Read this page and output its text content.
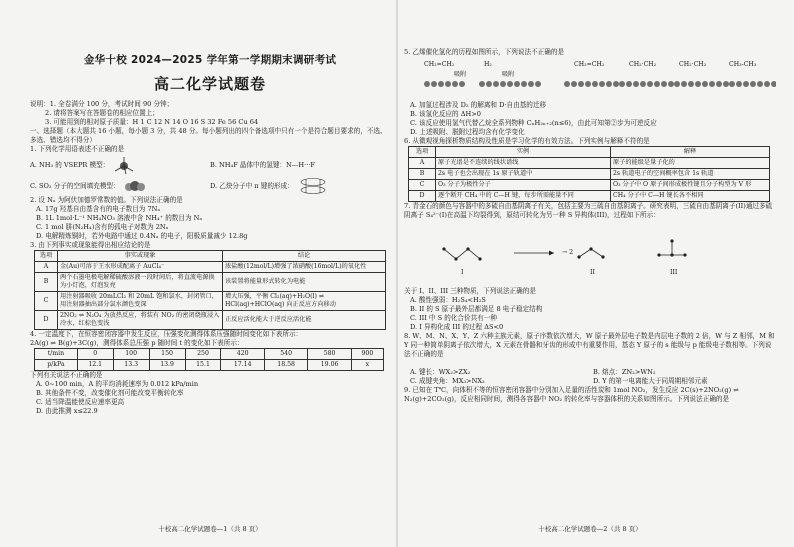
金华十校 2024—2025 学年第一学期期末调研考试
高二化学试题卷
说明：1. 全卷满分 100 分，考试时间 90 分钟；
2. 请将答案写在答题卷的相应位置上；
3. 可能用到的相对原子质量：H 1 C 12 N 14 O 16 S 32 Fe 56 Cu 64
一、选择题（本大题共 16 小题，每小题 3 分，共 48 分。每小题列出的四个备选项中只有一个是符合题目要求的，不选、多选、错选均不得分）
1. 下列化学用语表述不正确的是
A. NH₃ 的 VSEPR 模型：	B. NH₄F 晶体中的氢键：N—H···F
C. SO₂ 分子的空间填充模型：	D. 乙炔分子中 π 键的形成：
2. 设 Nₐ 为阿伏加德罗常数的值。下列说法正确的是
A. 17g 羟基自由基含有的电子数目为 7Nₐ
B. 1L 1mol·L⁻¹ NH₄NO₃ 溶液中含 NH₄⁺ 的数目为 Nₐ
C. 1 mol 肼(N₂H₄)含有的孤电子对数为 2Nₐ
D. 电解精炼铜时，若外电路中通过 0.4Nₐ 的电子，阳极质量减少 12.8g
3. 由下列事实或现象能得出相应结论的是
选项	事实或现象	结论
A	金(Au)可溶于王水形成配离子 AuCl₄⁻	浓盐酸(12mol/L)增强了浓硝酸(16mol/L)的氧化性
B	两个石墨电极电解稀硫酸溶液一段时间后，将直流电源换为小灯泡，灯泡发亮	该装置将能量形式转化为电能
C	用注射器吸收 20mLCl₂ 和 20mL 饱和氯水，封闭管口，用注射器抽出部分氯水颜色变深	增大压强，平衡 Cl₂(aq)+H₂O(l) ⇌ HCl(aq)+HClO(aq) 向正反应方向移动
D	2NO₂ ⇌ N₂O₄ 为放热反应，将装有 NO₂ 的密闭烧瓶浸入冷水，红棕色变浅	正反应活化能大于逆反应活化能
4. 一定温度下，在恒容密闭容器中发生反应，压强变化测得体系压强随时间变化如下表所示：
2A(g) ⇌ B(g)+3C(g)，测得体系总压强 p 随时间 t 的变化如下表所示：
t/min	0	100	150	250	420	540	580	900
p/kPa	12.1	13.3	13.9	15.1	17.14	18.58	19.06	x
下列有关说法不正确的是
A. 0~100 min，A 的平均消耗速率为 0.012 kPa/min
B. 其他条件不变，改变催化剂可能改变平衡转化率
C. 适当降温能使反应速率更高
D. 由此推测 x≤22.9
十校高二化学试题卷—1（共 8 页）
5. 乙烯催化氢化的历程如图所示，下列说法不正确的是
CH₂=CH₂
吸附
H₂
吸附
CH₂=CH₂	CH₂·CH₂	CH₂·CH₂	CH₃-CH₃
A. 加氢过程涉及 D₂ 的解离和 D·自由基的迁移
B. 该氢化反应的 ΔH>0
C. 该反应使用氢气代替乙烷全系列物种 CₙH₂ₙ₊₂(n≤6)，由此可知第②步为可逆反应
D. 上述吸附、脱附过程均含有化学变化
6. 从微观视角探析物质结构及性质是学习化学的有效方法。下列实例与解释不符的是
选项	实例	解释
A	原子光谱是不连续的线状谱线	原子的能级是量子化的
B	2s 电子也会出现在 1s 原子轨道中	2s 轨道电子的空间概率包含 1s 轨道
C	O₃ 分子为极性分子	O₃ 分子中 O 原子间形成极性键且分子构型为 V 形
D	逐个断开 CH₄ 中的 C—H 键，每步所需能量不同	CH₄ 分子中 C—H 键长各不相同
7. 青金石的颜色与容器中的多硫自由基阴离子有关，包括主要为三硫自由基阴离子。研究表明，三硫自由基阴离子(II)通过多硫阴离子 S₄²⁻(I)在高温下均裂得到，原结可转化为另一种 S 异构体(III)，过程如下所示：
I	II	III
→ 2
关于 I、II、III 三种物质，下列说法正确的是
A. 酸性强弱：H₂S₄<H₂S
B. II 的 S 原子最外层都满足 8 电子稳定结构
C. III 中 S 的化合价共有一种
D. I 异构化成 III 的过程 ΔS<0
8. W、M、N、X、Y、Z 六种主族元素，原子序数依次增大，W 原子最外层电子数是内层电子数的 2 倍，W 与 Z 相邻，M 和 Y 同一种简单阴离子依次增大，X 元素在骨骼和牙齿的形成中有重要作用，基态 Y 原子的 s 能级与 p 能级电子数相等。下列说法不正确的是
A. 键长：WX₂>ZX₂	B. 熔点：ZN₂>WN₂
C. 成键夹角：MX₃>NX₃	D. Y 的第一电离能大于同周期相邻元素
9. 已知在 T℃，向体积不等的恒容密闭容器中分别加入足量的活性炭和 1mol NO₂，发生反应 2C(s)+2NO₂(g) ⇌ N₂(g)+2CO₂(g)，反应相同时间，测得各容器中 NO₂ 的转化率与容器体积的关系如图所示。下列说法正确的是
十校高二化学试题卷—2（共 8 页）
